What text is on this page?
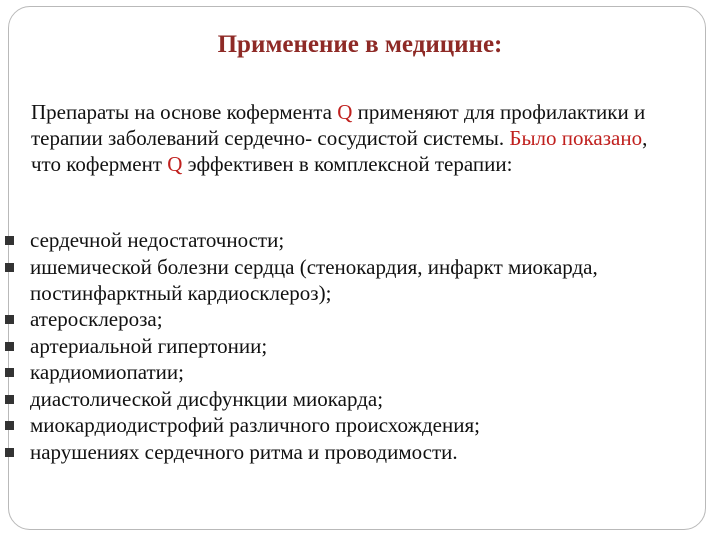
Применение в медицине:

Препараты на основе кофермента Q применяют для профилактики и терапии заболеваний сердечно- сосудистой системы. Было показано, что кофермент Q эффективен в комплексной терапии:

сердечной недостаточности;
ишемической болезни сердца (стенокардия, инфаркт миокарда, постинфарктный кардиосклероз);
атеросклероза;
артериальной гипертонии;
кардиомиопатии;
диастолической дисфункции миокарда;
миокардиодистрофий различного происхождения;
нарушениях сердечного ритма и проводимости.
